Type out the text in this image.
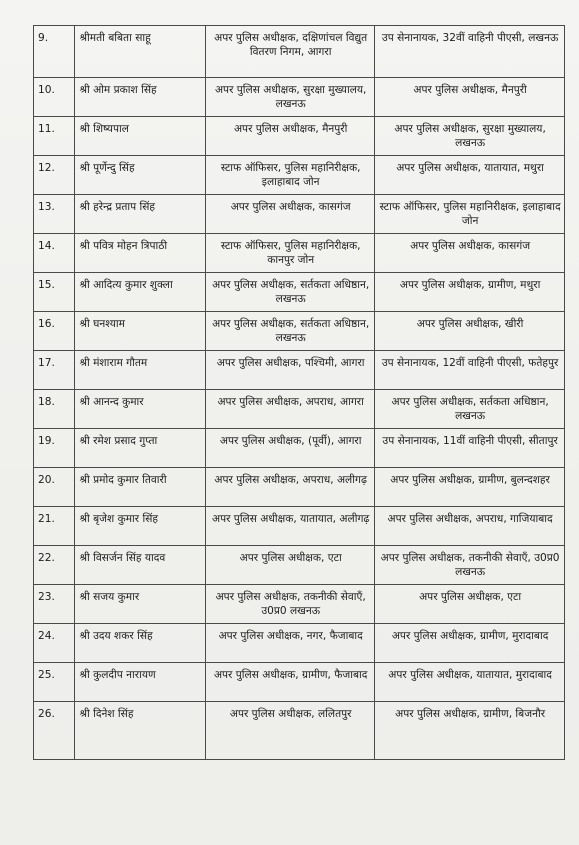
9.	श्रीमती बबिता साहू	अपर पुलिस अधीक्षक, दक्षिणांचल विद्युत वितरण निगम, आगरा	उप सेनानायक, 32वीं वाहिनी पीएसी, लखनऊ
10.	श्री ओम प्रकाश सिंह	अपर पुलिस अधीक्षक, सुरक्षा मुख्यालय, लखनऊ	अपर पुलिस अधीक्षक, मैनपुरी
11.	श्री शिष्यपाल	अपर पुलिस अधीक्षक, मैनपुरी	अपर पुलिस अधीक्षक, सुरक्षा मुख्यालय, लखनऊ
12.	श्री पूर्णेन्दु सिंह	स्टाफ ऑफिसर, पुलिस महानिरीक्षक, इलाहाबाद जोन	अपर पुलिस अधीक्षक, यातायात, मथुरा
13.	श्री हरेन्द्र प्रताप सिंह	अपर पुलिस अधीक्षक, कासगंज	स्टाफ ऑफिसर, पुलिस महानिरीक्षक, इलाहाबाद जोन
14.	श्री पवित्र मोहन त्रिपाठी	स्टाफ ऑफिसर, पुलिस महानिरीक्षक, कानपुर जोन	अपर पुलिस अधीक्षक, कासगंज
15.	श्री आदित्य कुमार शुक्ला	अपर पुलिस अधीक्षक, सर्तकता अधिष्ठान, लखनऊ	अपर पुलिस अधीक्षक, ग्रामीण, मथुरा
16.	श्री घनश्याम	अपर पुलिस अधीक्षक, सर्तकता अधिष्ठान, लखनऊ	अपर पुलिस अधीक्षक, खीरी
17.	श्री मंशाराम गौतम	अपर पुलिस अधीक्षक, पश्चिमी, आगरा	उप सेनानायक, 12वीं वाहिनी पीएसी, फतेहपुर
18.	श्री आनन्द कुमार	अपर पुलिस अधीक्षक, अपराध, आगरा	अपर पुलिस अधीक्षक, सर्तकता अधिष्ठान, लखनऊ
19.	श्री रमेश प्रसाद गुप्ता	अपर पुलिस अधीक्षक, (पूर्वी), आगरा	उप सेनानायक, 11वीं वाहिनी पीएसी, सीतापुर
20.	श्री प्रमोद कुमार तिवारी	अपर पुलिस अधीक्षक, अपराध, अलीगढ़	अपर पुलिस अधीक्षक, ग्रामीण, बुलन्दशहर
21.	श्री बृजेश कुमार सिंह	अपर पुलिस अधीक्षक, यातायात, अलीगढ़	अपर पुलिस अधीक्षक, अपराध, गाजियाबाद
22.	श्री विसर्जन सिंह यादव	अपर पुलिस अधीक्षक, एटा	अपर पुलिस अधीक्षक, तकनीकी सेवाएँ, उ0प्र0 लखनऊ
23.	श्री सजय कुमार	अपर पुलिस अधीक्षक, तकनीकी सेवाएँ, उ0प्र0 लखनऊ	अपर पुलिस अधीक्षक, एटा
24.	श्री उदय शकर सिंह	अपर पुलिस अधीक्षक, नगर, फैजाबाद	अपर पुलिस अधीक्षक, ग्रामीण, मुरादाबाद
25.	श्री कुलदीप नारायण	अपर पुलिस अधीक्षक, ग्रामीण, फैजाबाद	अपर पुलिस अधीक्षक, यातायात, मुरादाबाद
26.	श्री दिनेश सिंह	अपर पुलिस अधीक्षक, ललितपुर	अपर पुलिस अधीक्षक, ग्रामीण, बिजनौर
